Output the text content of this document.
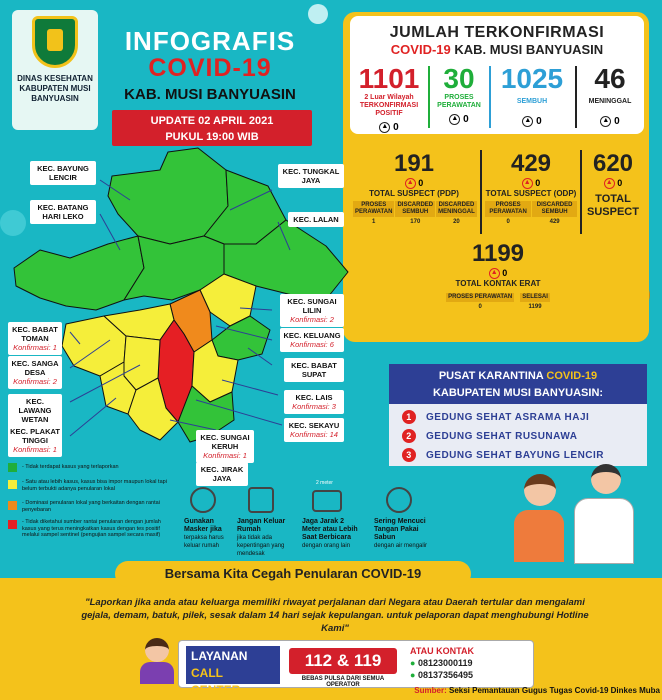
DINAS KESEHATAN KABUPATEN MUSI BANYUASIN
INFOGRAFIS
COVID-19
KAB. MUSI BANYUASIN
UPDATE 02 APRIL 2021
PUKUL 19:00 WIB
JUMLAH TERKONFIRMASI
COVID-19 KAB. MUSI BANYUASIN
1101
2 Luar Wilayah TERKONFIRMASI POSITIF
▲ 0
30
PROSES PERAWATAN
▲ 0
1025
SEMBUH
▲ 0
46
MENINGGAL
▲ 0
191
▲ 0
TOTAL SUSPECT (PDP)
PROSES PERAWATAN	DISCARDED SEMBUH	DISCARDED MENINGGAL
1	170	20
429
▲ 0
TOTAL SUSPECT (ODP)
PROSES PERAWATAN	DISCARDED SEMBUH
0	429
620
▲ 0
TOTAL SUSPECT
1199
▲ 0
TOTAL KONTAK ERAT
PROSES PERAWATAN	SELESAI
0	1199
PUSAT KARANTINA COVID-19
KABUPATEN MUSI BANYUASIN:
1 GEDUNG SEHAT ASRAMA HAJI
2 GEDUNG SEHAT RUSUNAWA
3 GEDUNG SEHAT BAYUNG LENCIR
KEC. BAYUNG LENCIR
KEC. BATANG HARI LEKO
KEC. TUNGKAL JAYA
KEC. LALAN
KEC. SUNGAI LILIN
Konfirmasi: 2
KEC. KELUANG
Konfirmasi: 6
KEC. BABAT SUPAT
KEC. LAIS
Konfirmasi: 3
KEC. SEKAYU
Konfirmasi: 14
KEC. BABAT TOMAN
Konfirmasi: 1
KEC. SANGA DESA
Konfirmasi: 2
KEC. LAWANG WETAN
KEC. PLAKAT TINGGI
Konfirmasi: 1
KEC. SUNGAI KERUH
Konfirmasi: 1
KEC. JIRAK JAYA
- Tidak terdapat kasus yang terlaporkan
- Satu atau lebih kasus, kasus bisa impor maupun lokal tapi belum terbukti adanya penularan lokal
- Dominasi penularan lokal yang berkaitan dengan rantai penyebaran
- Tidak diketahui sumber rantai penularan dengan jumlah kasus yang terus meningkatkan kasus dengan tes positif melalui sampel sentinel (pengujian sampel secara masif)
Gunakan Masker jika
terpaksa harus keluar rumah
Jangan Keluar Rumah
jika tidak ada kepentingan yang mendesak
2 meter
Jaga Jarak 2 Meter atau Lebih Saat Berbicara
dengan orang lain
Sering Mencuci Tangan Pakai Sabun
dengan air mengalir
Bersama Kita Cegah Penularan COVID-19
"Laporkan jika anda atau keluarga memiliki riwayat perjalanan dari Negara atau Daerah tertular dan mengalami gejala, demam, batuk, pilek, sesak dalam 14 hari sejak kepulangan. untuk pelaporan dapat menghubungi Hotline Kami"
LAYANAN
CALL CENTER
112 & 119
BEBAS PULSA DARI SEMUA OPERATOR
ATAU KONTAK
● 08123000119
● 08137356495
Sumber: Seksi Pemantauan Gugus Tugas Covid-19 Dinkes Muba
